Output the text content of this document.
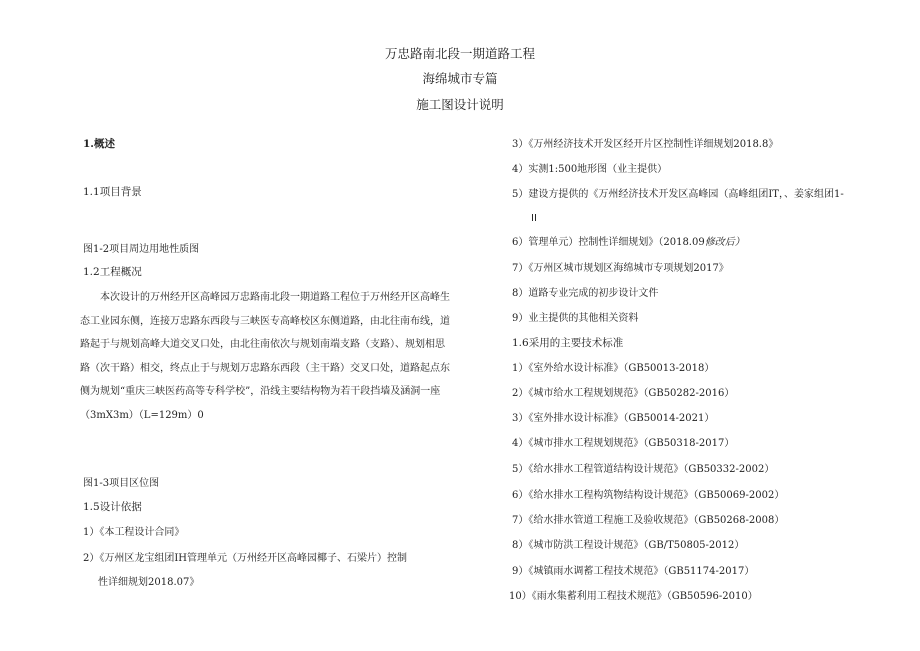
万忠路南北段一期道路工程
海绵城市专篇
施工图设计说明
1.概述
1.1项目背景
图1-2项目周边用地性质图
1.2工程概况
本次设计的万州经开区高峰园万忠路南北段一期道路工程位于万州经开区高峰生态工业园东侧，连接万忠路东西段与三峡医专高峰校区东侧道路，由北往南布线，道路起于与规划高峰大道交叉口处，由北往南依次与规划南端支路（支路）、规划相思路（次干路）相交，终点止于与规划万忠路东西段（主干路）交叉口处，道路起点东侧为规划“重庆三峡医药高等专科学校”，沿线主要结构物为若干段挡墙及涵洞一座（3mX3m）（L=129m）0
图1-3项目区位图
1.5设计依据
1）《本工程设计合同》
2）《万州区龙宝组团IH管理单元（万州经开区高峰园椰子、石梁片）控制
性详细规划2018.07》
3）《万州经济技术开发区经开片区控制性详细规划2018.8》
4）实测1:500地形图（业主提供）
5）建设方提供的《万州经济技术开发区高峰园（高峰组团IT，、姜家组团1-
II
6）管理单元）控制性详细规划》（2018.09修改后）
7）《万州区城市规划区海绵城市专项规划2017》
8）道路专业完成的初步设计文件
9）业主提供的其他相关资料
1.6采用的主要技术标准
1）《室外给水设计标准》（GB50013-2018）
2）《城市给水工程规划规范》（GB50282-2016）
3）《室外排水设计标准》（GB50014-2021）
4）《城市排水工程规划规范》（GB50318-2017）
5）《给水排水工程管道结构设计规范》（GB50332-2002）
6）《给水排水工程构筑物结构设计规范》（GB50069-2002）
7）《给水排水管道工程施工及验收规范》（GB50268-2008）
8）《城市防洪工程设计规范》（GB/T50805-2012）
9）《城镇雨水调蓄工程技术规范》（GB51174-2017）
10）《雨水集蓄利用工程技术规范》（GB50596-2010）
